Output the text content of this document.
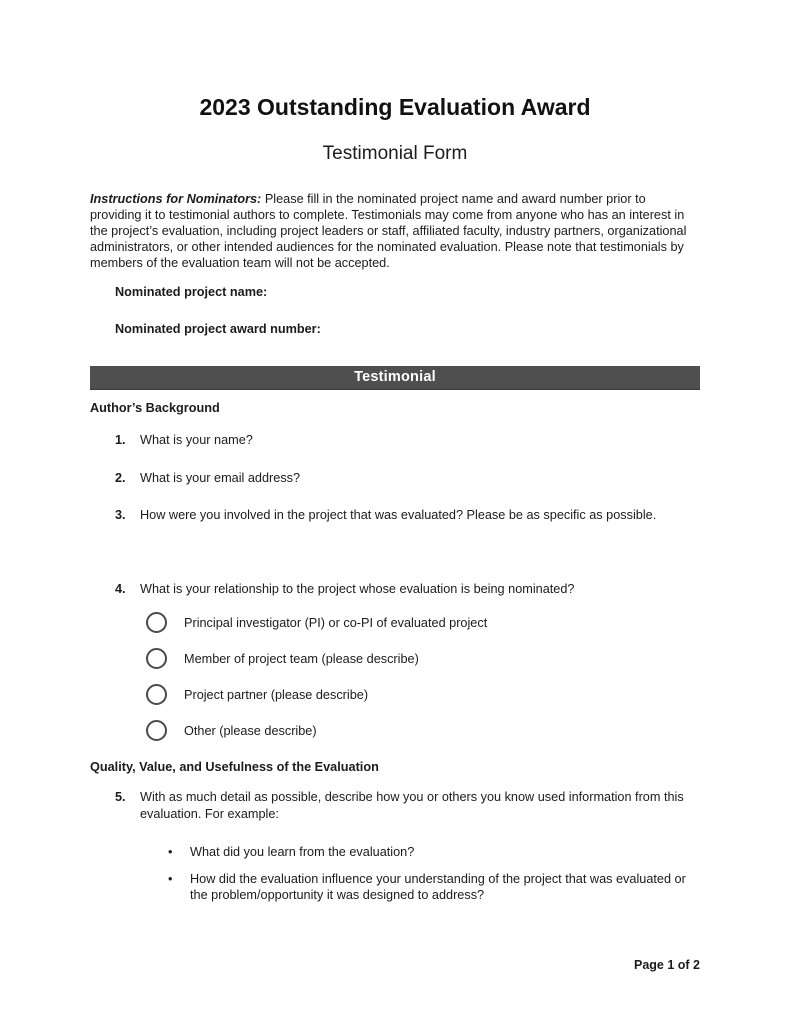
2023 Outstanding Evaluation Award
Testimonial Form

Instructions for Nominators: Please fill in the nominated project name and award number prior to providing it to testimonial authors to complete. Testimonials may come from anyone who has an interest in the project’s evaluation, including project leaders or staff, affiliated faculty, industry partners, organizational administrators, or other intended audiences for the nominated evaluation. Please note that testimonials by members of the evaluation team will not be accepted.

Nominated project name:
Nominated project award number:
Testimonial
Author’s Background
1.	What is your name?
2.	What is your email address?
3.	How were you involved in the project that was evaluated? Please be as specific as possible.
4.	What is your relationship to the project whose evaluation is being nominated?
Principal investigator (PI) or co-PI of evaluated project
Member of project team (please describe)
Project partner (please describe)
Other (please describe)
Quality, Value, and Usefulness of the Evaluation
5.	With as much detail as possible, describe how you or others you know used information from this evaluation. For example:
•	What did you learn from the evaluation?
•	How did the evaluation influence your understanding of the project that was evaluated or the problem/opportunity it was designed to address?
Page 1 of 2
